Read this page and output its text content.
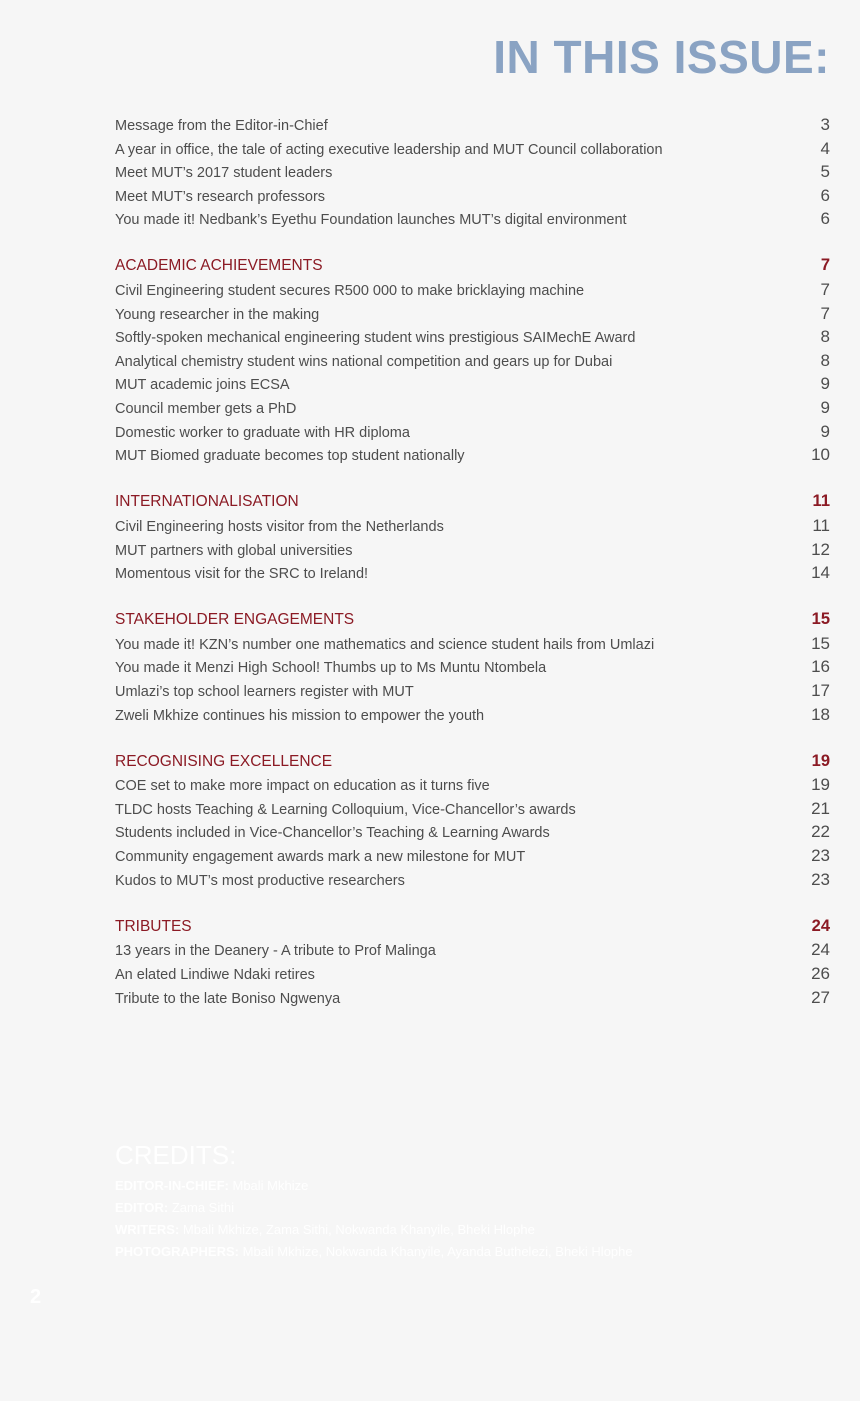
IN THIS ISSUE:
Message from the Editor-in-Chief	3
A year in office, the tale of acting executive leadership and MUT Council collaboration	4
Meet MUT’s 2017 student leaders	5
Meet MUT’s research professors	6
You made it! Nedbank’s Eyethu Foundation launches MUT’s digital environment	6
ACADEMIC ACHIEVEMENTS	7
Civil Engineering student secures R500 000 to make bricklaying machine	7
Young researcher in the making	7
Softly-spoken mechanical engineering student wins prestigious SAIMechE Award	8
Analytical chemistry student wins national competition and gears up for Dubai	8
MUT academic joins ECSA	9
Council member gets a PhD	9
Domestic worker to graduate with HR diploma	9
MUT Biomed graduate becomes top student nationally	10
INTERNATIONALISATION	11
Civil Engineering hosts visitor from the Netherlands	11
MUT partners with global universities	12
Momentous visit for the SRC to Ireland!	14
STAKEHOLDER ENGAGEMENTS	15
You made it! KZN’s number one mathematics and science student hails from Umlazi	15
You made it Menzi High School! Thumbs up to Ms Muntu Ntombela	16
Umlazi’s top school learners register with MUT	17
Zweli Mkhize continues his mission to empower the youth	18
RECOGNISING EXCELLENCE	19
COE set to make more impact on education as it turns five	19
TLDC hosts Teaching & Learning Colloquium, Vice-Chancellor’s awards	21
Students included in Vice-Chancellor’s Teaching & Learning Awards	22
Community engagement awards mark a new milestone for MUT	23
Kudos to MUT’s most productive researchers	23
TRIBUTES	24
13 years in the Deanery - A tribute to Prof Malinga	24
An elated Lindiwe Ndaki retires	26
Tribute to the late Boniso Ngwenya	27
CREDITS:
EDITOR-IN-CHIEF: Mbali Mkhize
EDITOR: Zama Sithi
WRITERS: Mbali Mkhize, Zama Sithi, Nokwanda Khanyile, Bheki Hlophe
PHOTOGRAPHERS: Mbali Mkhize, Nokwanda Khanyile, Ayanda Buthelezi, Bheki Hlophe
2
